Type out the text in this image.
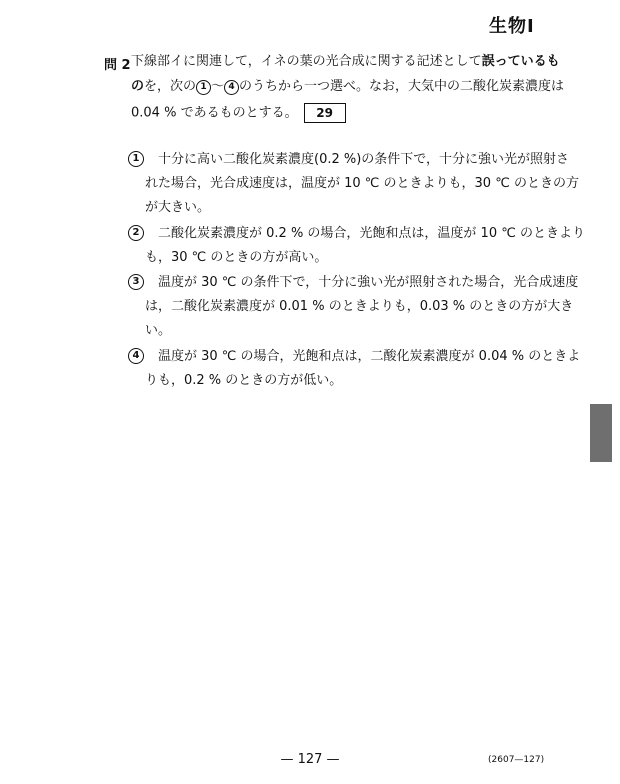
生物Ⅰ
問 2 下線部イに関連して，イネの葉の光合成に関する記述として誤っているも
のを，次の 1 〜 4 のうちから一つ選べ。なお，大気中の二酸化炭素濃度は
0.04 % であるものとする。 29
1	十分に高い二酸化炭素濃度(0.2 %)の条件下で，十分に強い光が照射さ
れた場合，光合成速度は，温度が 10 ℃ のときよりも，30 ℃ のときの方
が大きい。
2	二酸化炭素濃度が 0.2 % の場合，光飽和点は，温度が 10 ℃ のときより
も，30 ℃ のときの方が高い。
3	温度が 30 ℃ の条件下で，十分に強い光が照射された場合，光合成速度
は，二酸化炭素濃度が 0.01 % のときよりも，0.03 % のときの方が大き
い。
4	温度が 30 ℃ の場合，光飽和点は，二酸化炭素濃度が 0.04 % のときよ
りも，0.2 % のときの方が低い。
— 127 —	(2607—127)
